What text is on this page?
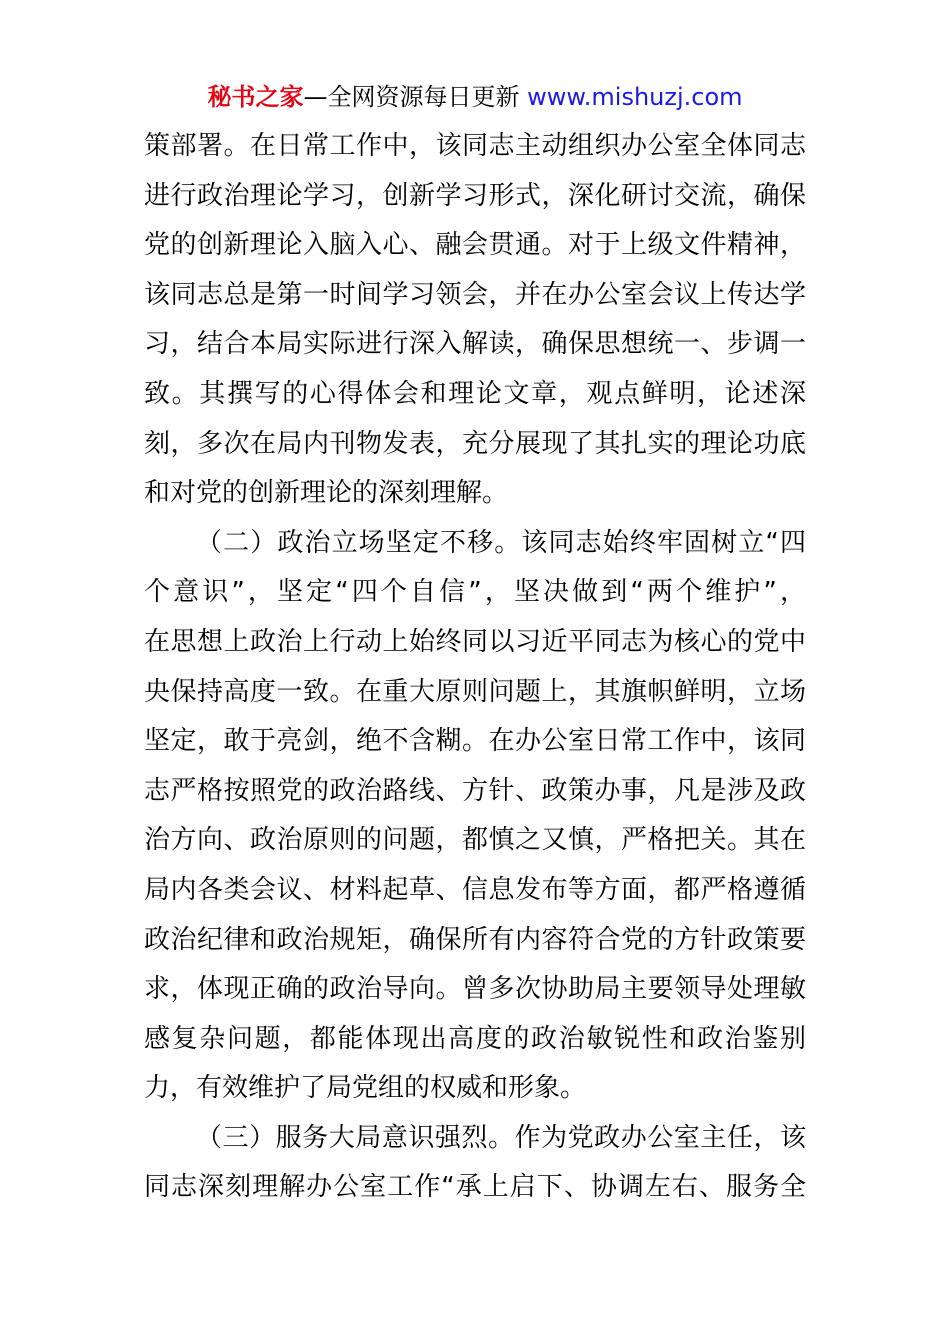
秘书之家—全网资源每日更新 www.mishuzj.com
策部署。在日常工作中，该同志主动组织办公室全体同志
进行政治理论学习，创新学习形式，深化研讨交流，确保
党的创新理论入脑入心、融会贯通。对于上级文件精神，
该同志总是第一时间学习领会，并在办公室会议上传达学
习，结合本局实际进行深入解读，确保思想统一、步调一
致。其撰写的心得体会和理论文章，观点鲜明，论述深
刻，多次在局内刊物发表，充分展现了其扎实的理论功底
和对党的创新理论的深刻理解。
（二）政治立场坚定不移。该同志始终牢固树立“四
个意识”，坚定“四个自信”，坚决做到“两个维护”，
在思想上政治上行动上始终同以习近平同志为核心的党中
央保持高度一致。在重大原则问题上，其旗帜鲜明，立场
坚定，敢于亮剑，绝不含糊。在办公室日常工作中，该同
志严格按照党的政治路线、方针、政策办事，凡是涉及政
治方向、政治原则的问题，都慎之又慎，严格把关。其在
局内各类会议、材料起草、信息发布等方面，都严格遵循
政治纪律和政治规矩，确保所有内容符合党的方针政策要
求，体现正确的政治导向。曾多次协助局主要领导处理敏
感复杂问题，都能体现出高度的政治敏锐性和政治鉴别
力，有效维护了局党组的权威和形象。
（三）服务大局意识强烈。作为党政办公室主任，该
同志深刻理解办公室工作“承上启下、协调左右、服务全
